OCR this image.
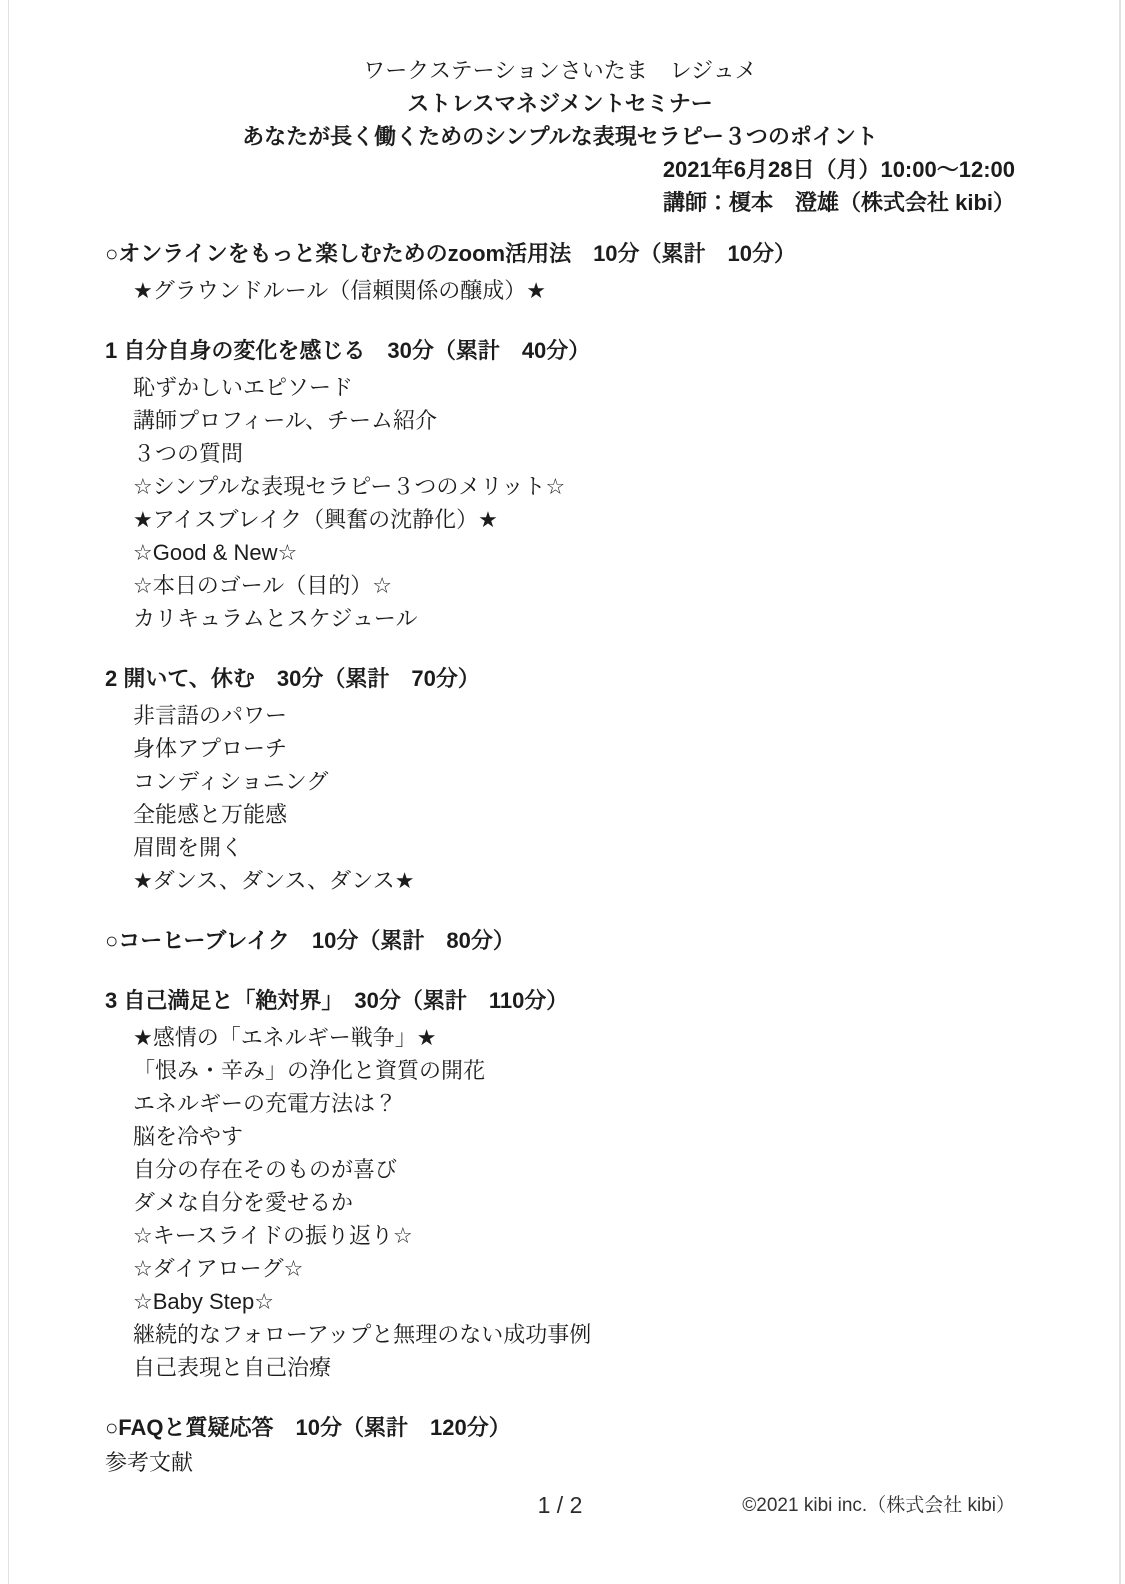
ワークステーションさいたま　レジュメ
ストレスマネジメントセミナー
あなたが長く働くためのシンプルな表現セラピー３つのポイント
2021年6月28日（月）10:00〜12:00
講師：榎本　澄雄（株式会社 kibi）
○オンラインをもっと楽しむためのzoom活用法　10分（累計　10分）
★グラウンドルール（信頼関係の醸成）★
1 自分自身の変化を感じる　30分（累計　40分）
恥ずかしいエピソード
講師プロフィール、チーム紹介
３つの質問
☆シンプルな表現セラピー３つのメリット☆
★アイスブレイク（興奮の沈静化）★
☆Good & New☆
☆本日のゴール（目的）☆
カリキュラムとスケジュール
2 開いて、休む　30分（累計　70分）
非言語のパワー
身体アプローチ
コンディショニング
全能感と万能感
眉間を開く
★ダンス、ダンス、ダンス★
○コーヒーブレイク　10分（累計　80分）
3 自己満足と「絶対界」　30分（累計　110分）
★感情の「エネルギー戦争」★
「恨み・辛み」の浄化と資質の開花
エネルギーの充電方法は？
脳を冷やす
自分の存在そのものが喜び
ダメな自分を愛せるか
☆キースライドの振り返り☆
☆ダイアローグ☆
☆Baby Step☆
継続的なフォローアップと無理のない成功事例
自己表現と自己治療
○FAQと質疑応答　10分（累計　120分）
参考文献
1 / 2	©2021 kibi inc.（株式会社 kibi）
